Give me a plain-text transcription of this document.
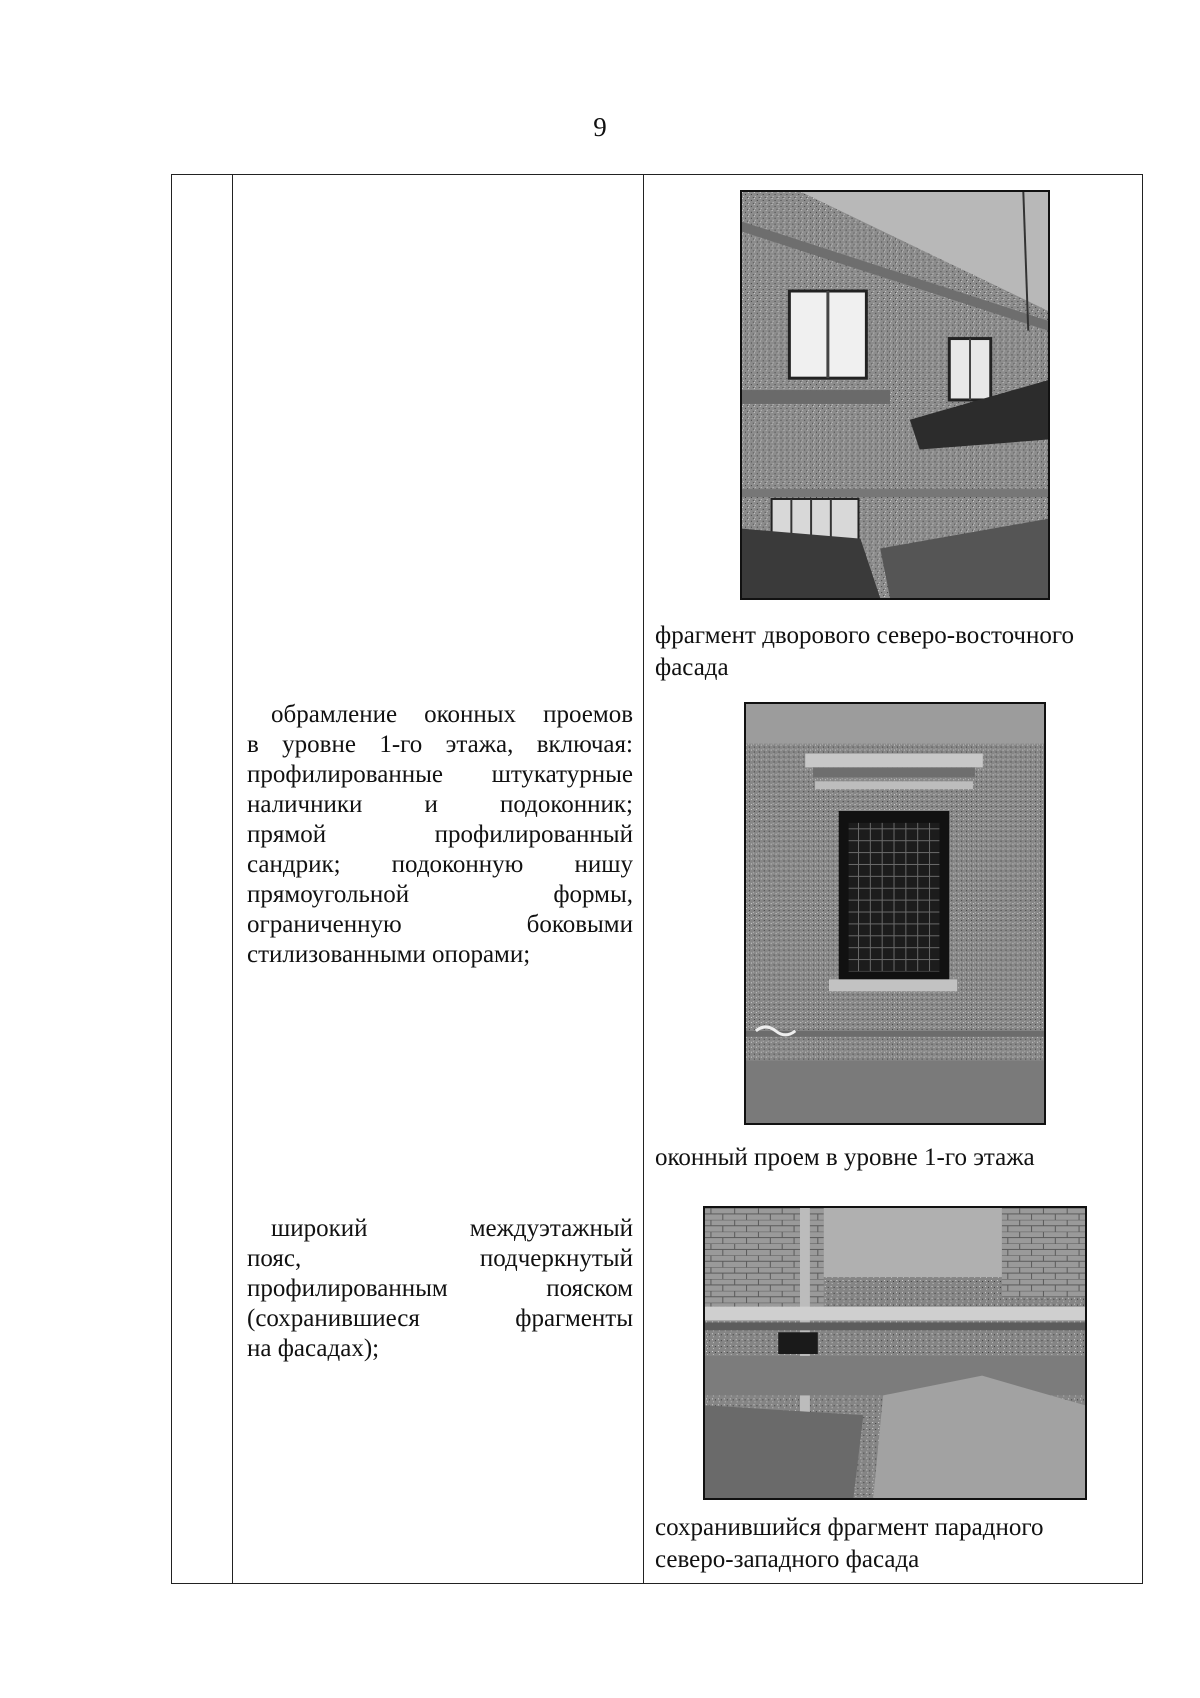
9
обрамление оконных проемов
в уровне 1-го этажа, включая:
профилированные штукатурные
наличники и подоконник;
прямой	профилированный
сандрик; подоконную нишу
прямоугольной	формы,
ограниченную	боковыми
стилизованными опорами;
широкий	междуэтажный
пояс,	подчеркнутый
профилированным	пояском
(сохранившиеся	фрагменты
на фасадах);
фрагмент дворового северо-восточного
фасада
оконный проем в уровне 1-го этажа
сохранившийся фрагмент парадного
северо-западного фасада
